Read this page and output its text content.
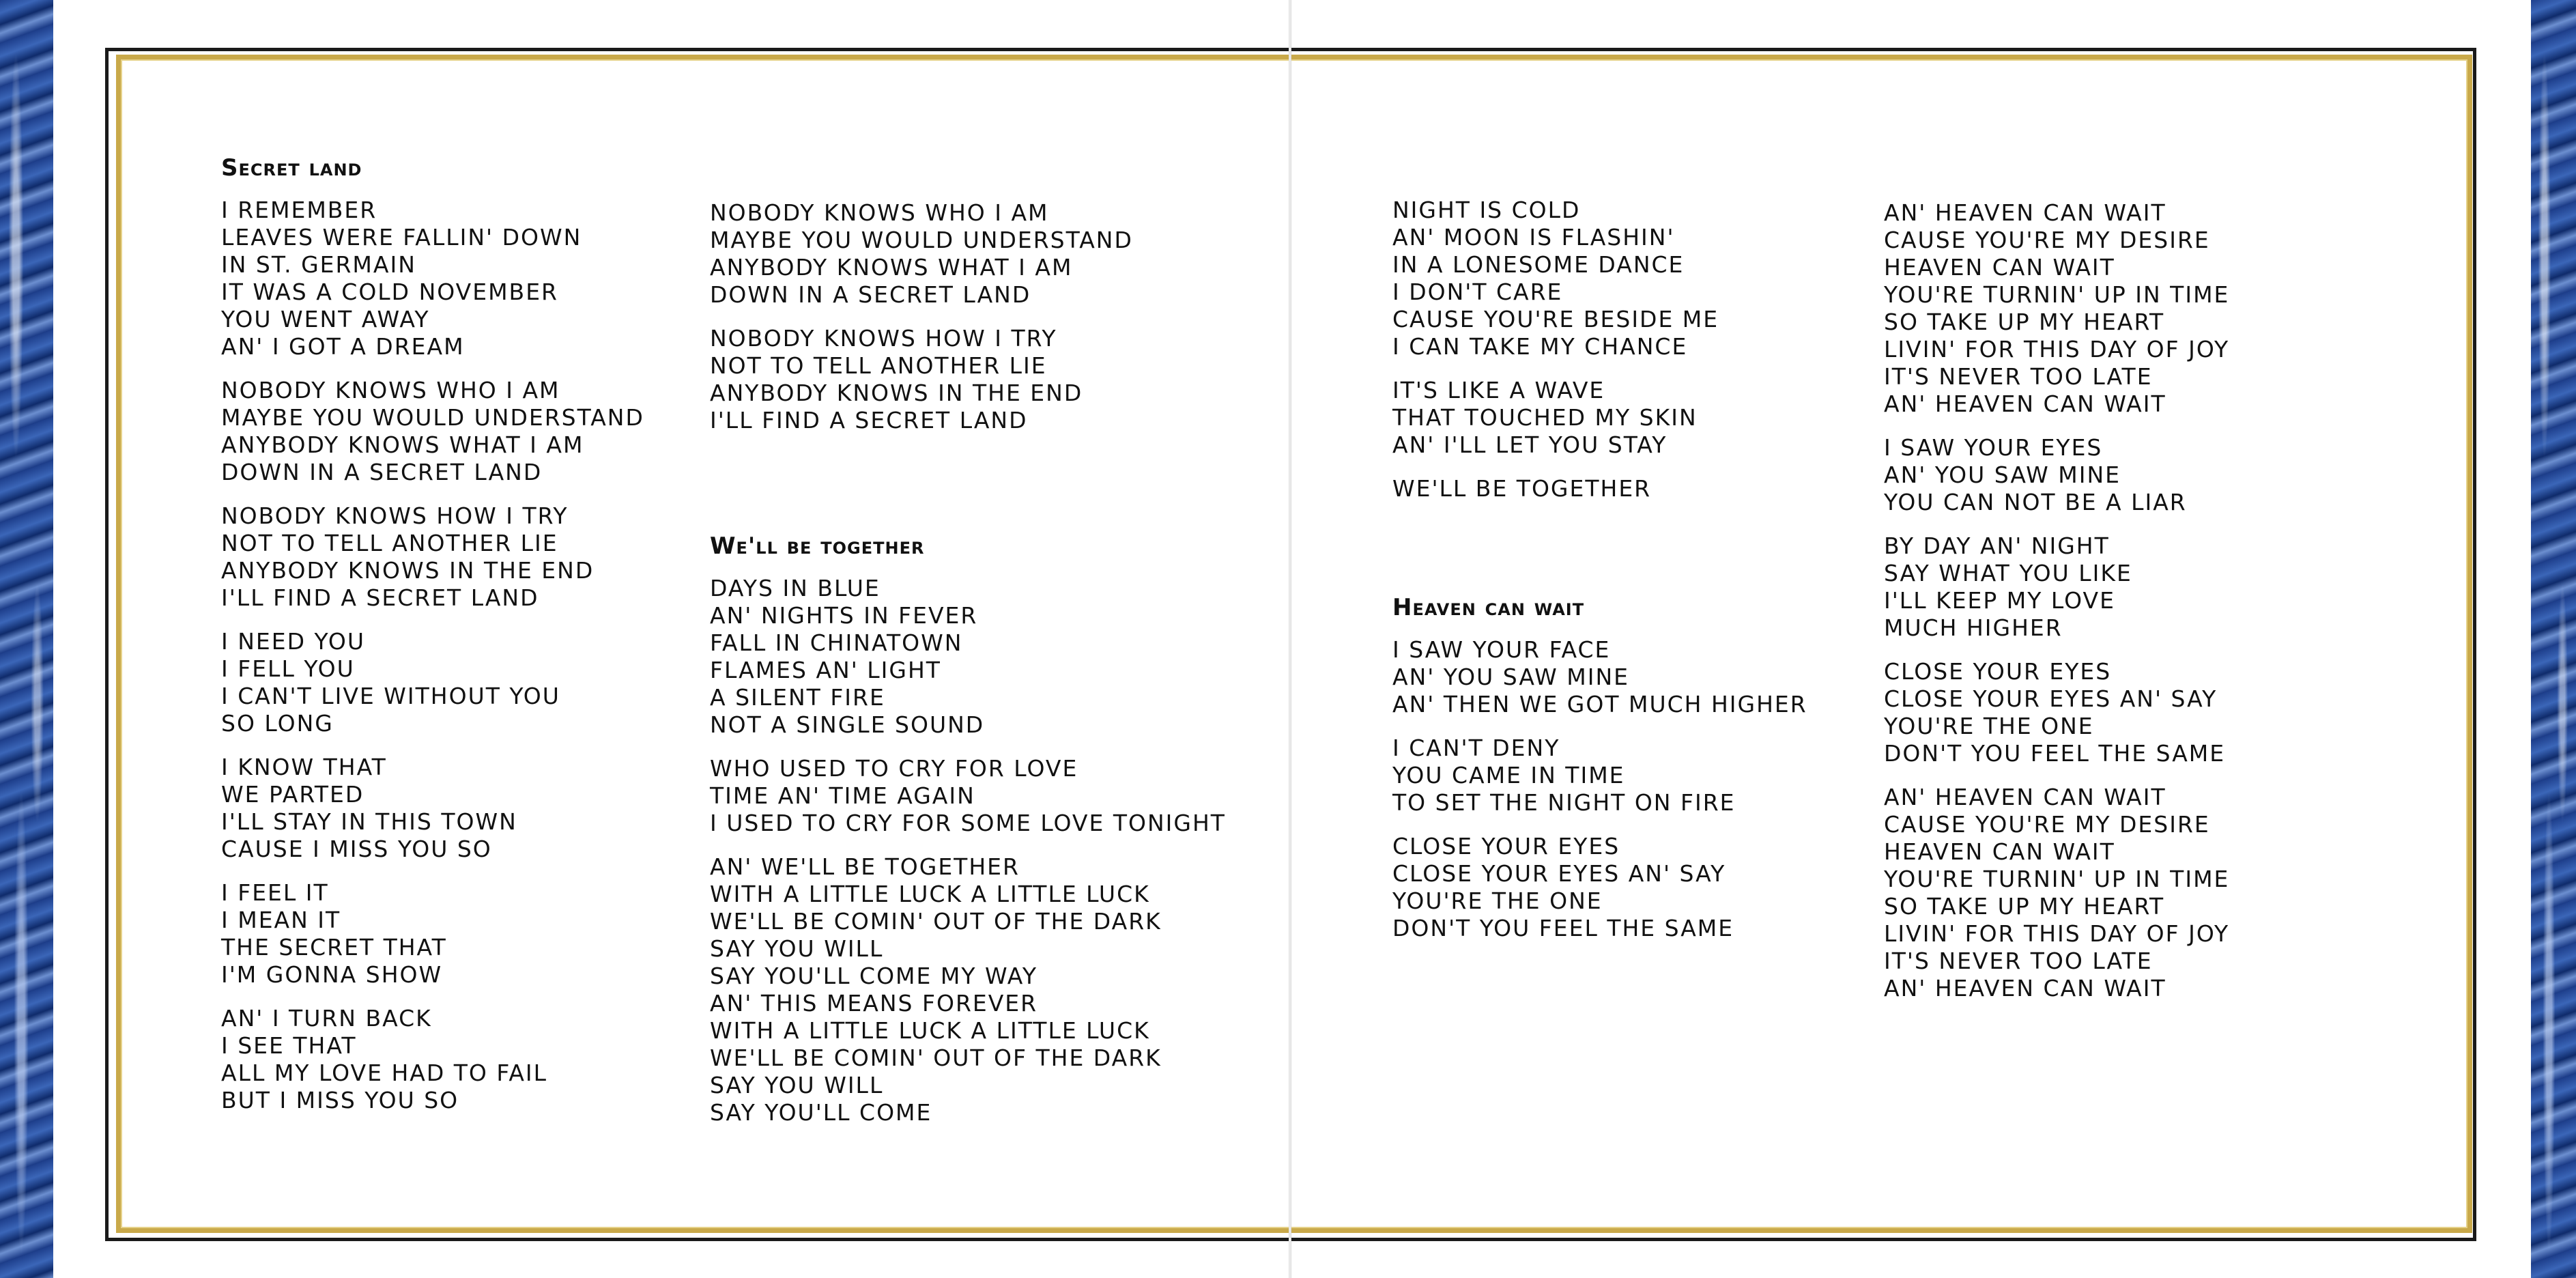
Secret land
I REMEMBER
LEAVES WERE FALLIN' DOWN
IN ST. GERMAIN
IT WAS A COLD NOVEMBER
YOU WENT AWAY
AN' I GOT A DREAM
NOBODY KNOWS WHO I AM
MAYBE YOU WOULD UNDERSTAND
ANYBODY KNOWS WHAT I AM
DOWN IN A SECRET LAND
NOBODY KNOWS HOW I TRY
NOT TO TELL ANOTHER LIE
ANYBODY KNOWS IN THE END
I'LL FIND A SECRET LAND
I NEED YOU
I FELL YOU
I CAN'T LIVE WITHOUT YOU
SO LONG
I KNOW THAT
WE PARTED
I'LL STAY IN THIS TOWN
CAUSE I MISS YOU SO
I FEEL IT
I MEAN IT
THE SECRET THAT
I'M GONNA SHOW
AN' I TURN BACK
I SEE THAT
ALL MY LOVE HAD TO FAIL
BUT I MISS YOU SO
NOBODY KNOWS WHO I AM
MAYBE YOU WOULD UNDERSTAND
ANYBODY KNOWS WHAT I AM
DOWN IN A SECRET LAND
NOBODY KNOWS HOW I TRY
NOT TO TELL ANOTHER LIE
ANYBODY KNOWS IN THE END
I'LL FIND A SECRET LAND
We'll be together
DAYS IN BLUE
AN' NIGHTS IN FEVER
FALL IN CHINATOWN
FLAMES AN' LIGHT
A SILENT FIRE
NOT A SINGLE SOUND
WHO USED TO CRY FOR LOVE
TIME AN' TIME AGAIN
I USED TO CRY FOR SOME LOVE TONIGHT
AN' WE'LL BE TOGETHER
WITH A LITTLE LUCK A LITTLE LUCK
WE'LL BE COMIN' OUT OF THE DARK
SAY YOU WILL
SAY YOU'LL COME MY WAY
AN' THIS MEANS FOREVER
WITH A LITTLE LUCK A LITTLE LUCK
WE'LL BE COMIN' OUT OF THE DARK
SAY YOU WILL
SAY YOU'LL COME
NIGHT IS COLD
AN' MOON IS FLASHIN'
IN A LONESOME DANCE
I DON'T CARE
CAUSE YOU'RE BESIDE ME
I CAN TAKE MY CHANCE
IT'S LIKE A WAVE
THAT TOUCHED MY SKIN
AN' I'LL LET YOU STAY
WE'LL BE TOGETHER
Heaven can wait
I SAW YOUR FACE
AN' YOU SAW MINE
AN' THEN WE GOT MUCH HIGHER
I CAN'T DENY
YOU CAME IN TIME
TO SET THE NIGHT ON FIRE
CLOSE YOUR EYES
CLOSE YOUR EYES AN' SAY
YOU'RE THE ONE
DON'T YOU FEEL THE SAME
AN' HEAVEN CAN WAIT
CAUSE YOU'RE MY DESIRE
HEAVEN CAN WAIT
YOU'RE TURNIN' UP IN TIME
SO TAKE UP MY HEART
LIVIN' FOR THIS DAY OF JOY
IT'S NEVER TOO LATE
AN' HEAVEN CAN WAIT
I SAW YOUR EYES
AN' YOU SAW MINE
YOU CAN NOT BE A LIAR
BY DAY AN' NIGHT
SAY WHAT YOU LIKE
I'LL KEEP MY LOVE
MUCH HIGHER
CLOSE YOUR EYES
CLOSE YOUR EYES AN' SAY
YOU'RE THE ONE
DON'T YOU FEEL THE SAME
AN' HEAVEN CAN WAIT
CAUSE YOU'RE MY DESIRE
HEAVEN CAN WAIT
YOU'RE TURNIN' UP IN TIME
SO TAKE UP MY HEART
LIVIN' FOR THIS DAY OF JOY
IT'S NEVER TOO LATE
AN' HEAVEN CAN WAIT
